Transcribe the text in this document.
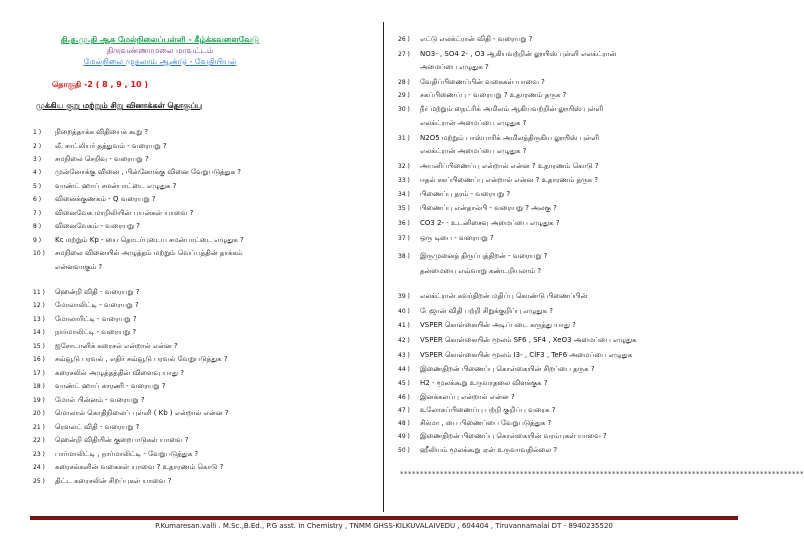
தி.த.மு.தி ஆக மேல்நிலைப்பள்ளி - கீழ்க்கவளைவேடு
திருவண்ணாமலை மாவட்டம்
மேல்நிலை முதலாம் ஆண்டு - வேதியியல்
தொகுதி -2 ( 8 , 9 , 10 )
முக்கிய குறு மற்றும் சிறு வினாக்கள் தொகுப்பு
1 ) நிறைத்தாக்க விதியைக் கூறு ?
2 ) லீ. சாட்லியர் தத்துவம் - வரையறு ?
3 ) சமநிலை செறிவு - வரையறு ?
4 ) முன்னோக்கு வினை , பின்னோக்கு வினை வேறுபடுத்துக ?
5 ) வாண்ட் ஹாப் சமன்பாட்டை எழுதுக ?
6 ) வினைக்குணகம் - Q வரையறு ?
7 ) வினைவேக மாறிலியின் பயன்கள் யாவை ?
8 ) வினைவேகம் - வரையறு ?
9 ) Kc மற்றும் Kp - யை தொடர்புடைய சமன்பாட்டை எழுதுக ?
10 ) சமநிலை வினையில் அழுத்தம் மற்றும் வெப்பத்தின் தாக்கம்
11 ) ஹென்றி விதி - வரையறு ?
12 ) மோலாலிட்டி - வரையறு ?
13 ) மோலாரிட்டி - வரையறு ?
14 ) நார்மாலிட்டி - வரையறு ?
15 ) ஐசோடானிக் கரைசல் என்றால் என்ன ?
16 ) சவ்வூடு பரவல் , எதிர் சவ்வூடு பரவல் வேறுபடுத்துக ?
17 ) கரைசலில் அழுத்தத்தின் விளைவு யாது ?
18 ) வாண்ட் ஹாப் காரணி - வரையறு ?
19 ) மோல் பின்னம் - வரையறு ?
20 ) மொலால் கொதிநிலைப் புள்ளி ( Kb ) என்றால் என்ன ?
21 ) ரௌலட் விதி - வரையறு ?
22 ) ஹென்றி விதியின் குறைபாடுகள் யாவை ?
23 ) பார்மாலிட்டி , நார்மாலிட்டி - வேறுபடுத்துக ?
24 ) கரைசல்களின் வகைகள் யாவை ? உதாரணம் கொடு ?
25 ) திட்ட கரைசலின் சிறப்புகள் யாவை ?
என்னவாகும் ?
26 ) எட்டு எலக்ட்ரான் விதி - வரையறு ?
27 ) NO3- , SO4 2- , O3 ஆகியவற்றின் லூயிஸ் புள்ளி எலக்ட்ரான்
28 ) வேதிப்பிணைப்பின் வகைகள் யாவை ?
29 ) சகப்பிணைப்பு - வரையறு ? உதாரணம் தருக ?
30 ) நீர் மற்றும் நைட்ரிக் அமிலம் ஆகியவற்றின் லூயிஸ் புள்ளி
31 ) N2O5 மற்றும் பாஸ்பாரிக் அமிலத்திருகிய லூயிஸ் புள்ளி
32 ) அயனிப்பிணைப்பு என்றால் என்ன ? உதாரணம் கொடு ?
33 ) ஈதல் சகப்பிணைப்பு என்றால் என்ன ? உதாரணம் தருக ?
34 ) பிணைப்பு தரம் - வரையறு ?
35 ) பிணைப்பு என்தால்பி - வரையறு ? அலகு ?
36 ) CO3 2- - உடனிசைவு அமைப்பை எழுதுக ?
37 ) ஒரு டிபை - வரையறு ?
38 ) இருமுனைத் திருப்புத்திறன் - வரையறு ?
39 ) எலக்ட்ரான் கவர்திறன் மதிப்பு கொண்டு பிணைப்பின்
40 ) பேஜான் விதி பற்றி சிறுக்குறிப்பு எழுதுக ?
41 ) VSPER கொள்கையின் அடிப்படை கருத்து யாது ?
42 ) VSPER கொள்கையின் மூலம் SF6 , SF4 , XeO3 அமைப்பை எழுதுக
43 ) VSPER கொள்கையின் மூலம் I3- , ClF3 , TeF6 அமைப்பை எழுதுக
44 ) இணைதிறன் பிணைப்பு கொள்கையின் சிறப்பை தருக ?
45 ) H2 - மூலக்கூறு உருவாதலை விளக்குக ?
46 ) இனக்கலப்பு என்றால் என்ன ?
47 ) உலோகப்பிணைப்பு பற்றி குறிப்பு வரைக ?
48 ) சிக்மா , பை பிணைப்பை வேறுபடுத்துக ?
49 ) இணைதிறன் பிணைப்பு கொள்கையின் வரம்புகள் யாவை ?
50 ) ஹீலியம் மூலக்கூறு ஏன் உருவாவதில்லை ?
அமைப்பை எழுதுக ?
எலக்ட்ரான் அமைப்பை எழுதுக ?
எலக்ட்ரான் அமைப்பை எழுதுக ?
தன்மையை எவ்வாறு கண்டறியலாம் ?
*****************************************************************************************************
P.Kumaresan.valli . M.Sc.,B.Ed., P.G asst. In Chemistry , TNMM GHSS-KILKUVALAIVEDU , 604404 , Tiruvannamalai DT - 8940235520
